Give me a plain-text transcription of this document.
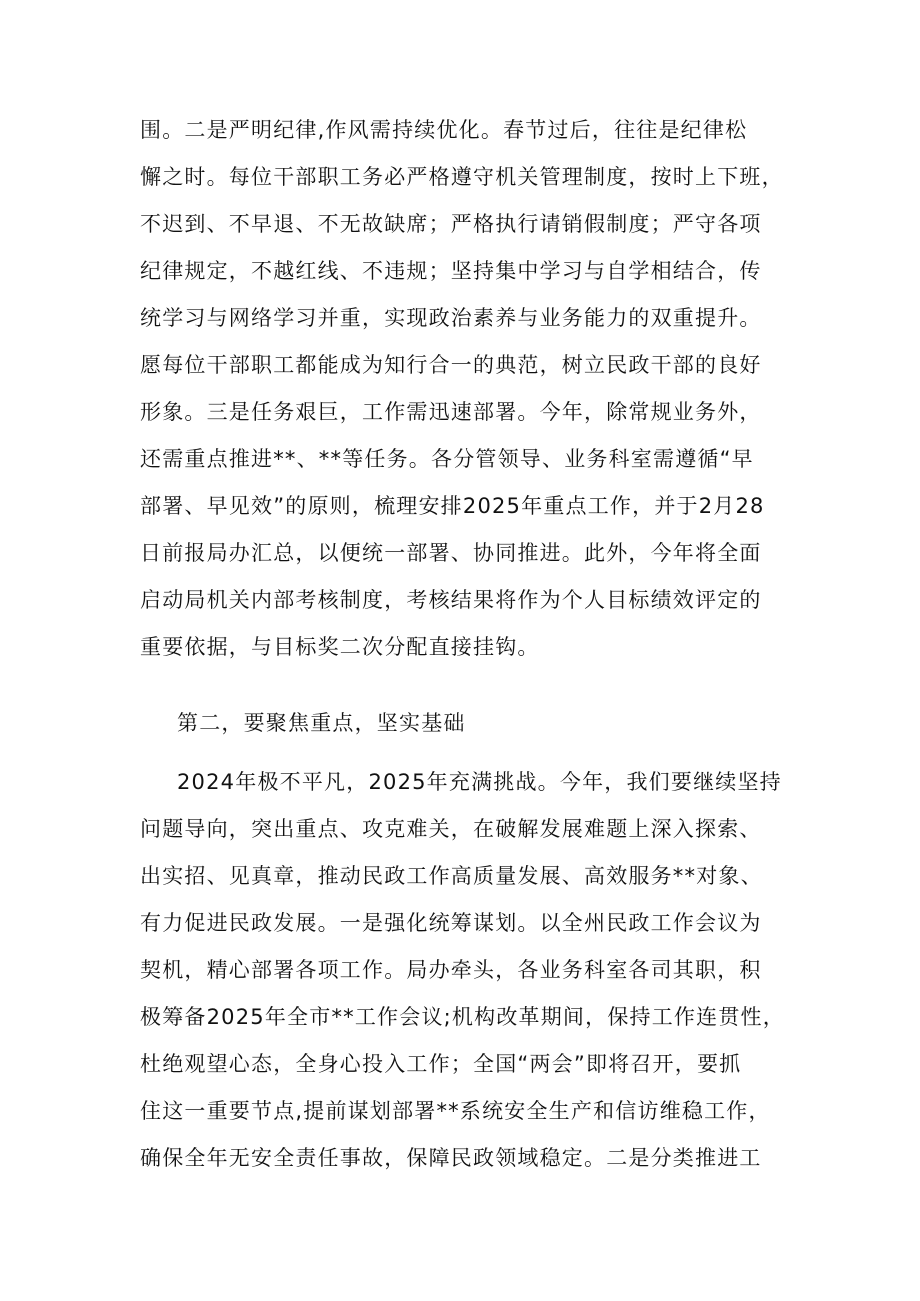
围。二是严明纪律,作风需持续优化。春节过后，往往是纪律松
懈之时。每位干部职工务必严格遵守机关管理制度，按时上下班，
不迟到、不早退、不无故缺席；严格执行请销假制度；严守各项
纪律规定，不越红线、不违规；坚持集中学习与自学相结合，传
统学习与网络学习并重，实现政治素养与业务能力的双重提升。
愿每位干部职工都能成为知行合一的典范，树立民政干部的良好
形象。三是任务艰巨，工作需迅速部署。今年，除常规业务外，
还需重点推进**、**等任务。各分管领导、业务科室需遵循“早
部署、早见效”的原则，梳理安排2025年重点工作，并于2月28
日前报局办汇总，以便统一部署、协同推进。此外，今年将全面
启动局机关内部考核制度，考核结果将作为个人目标绩效评定的
重要依据，与目标奖二次分配直接挂钩。
第二，要聚焦重点，坚实基础
2024年极不平凡，2025年充满挑战。今年，我们要继续坚持
问题导向，突出重点、攻克难关，在破解发展难题上深入探索、
出实招、见真章，推动民政工作高质量发展、高效服务**对象、
有力促进民政发展。一是强化统筹谋划。以全州民政工作会议为
契机，精心部署各项工作。局办牵头，各业务科室各司其职，积
极筹备2025年全市**工作会议;机构改革期间，保持工作连贯性，
杜绝观望心态，全身心投入工作；全国“两会”即将召开，要抓
住这一重要节点,提前谋划部署**系统安全生产和信访维稳工作，
确保全年无安全责任事故，保障民政领域稳定。二是分类推进工
